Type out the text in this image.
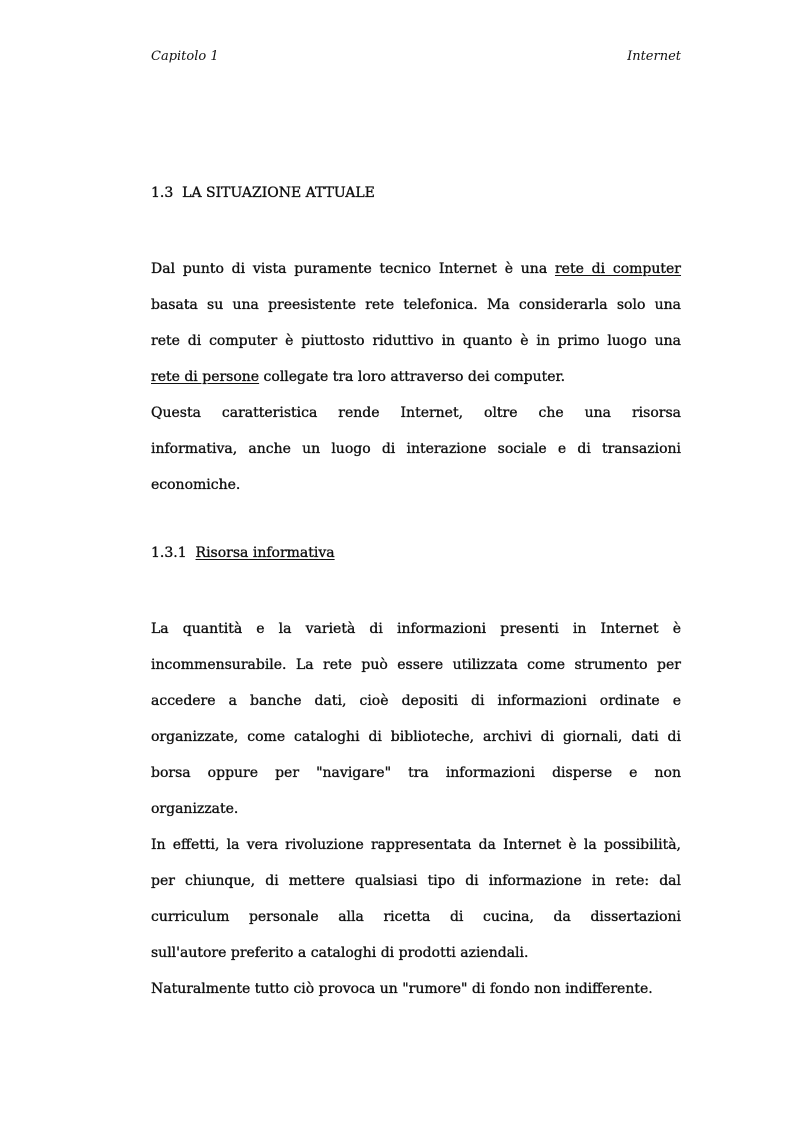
Capitolo 1	Internet
1.3 LA SITUAZIONE ATTUALE
Dal punto di vista puramente tecnico Internet è una rete di computer
basata su una preesistente rete telefonica. Ma considerarla solo una
rete di computer è piuttosto riduttivo in quanto è in primo luogo una
rete di persone collegate tra loro attraverso dei computer.
Questa caratteristica rende Internet, oltre che una risorsa
informativa, anche un luogo di interazione sociale e di transazioni
economiche.
1.3.1 Risorsa informativa
La quantità e la varietà di informazioni presenti in Internet è
incommensurabile. La rete può essere utilizzata come strumento per
accedere a banche dati, cioè depositi di informazioni ordinate e
organizzate, come cataloghi di biblioteche, archivi di giornali, dati di
borsa oppure per "navigare" tra informazioni disperse e non
organizzate.
In effetti, la vera rivoluzione rappresentata da Internet è la possibilità,
per chiunque, di mettere qualsiasi tipo di informazione in rete: dal
curriculum personale alla ricetta di cucina, da dissertazioni
sull'autore preferito a cataloghi di prodotti aziendali.
Naturalmente tutto ciò provoca un "rumore" di fondo non indifferente.
